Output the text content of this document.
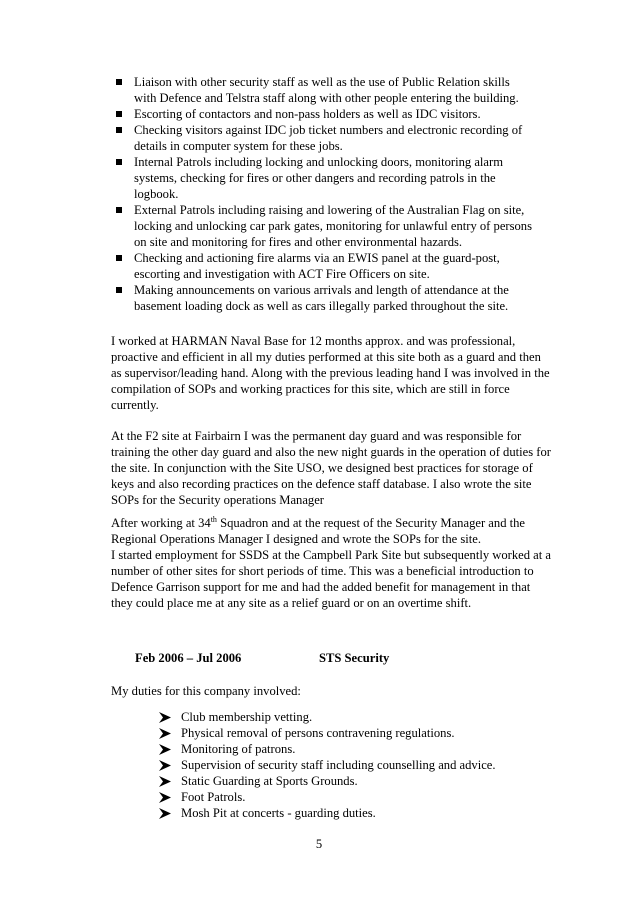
Liaison with other security staff as well as the use of Public Relation skills with Defence and Telstra staff along with other people entering the building.
Escorting of contactors and non-pass holders as well as IDC visitors.
Checking visitors against IDC job ticket numbers and electronic recording of details in computer system for these jobs.
Internal Patrols including locking and unlocking doors, monitoring alarm systems, checking for fires or other dangers and recording patrols in the logbook.
External Patrols including raising and lowering of the Australian Flag on site, locking and unlocking car park gates, monitoring for unlawful entry of persons on site and monitoring for fires and other environmental hazards.
Checking and actioning fire alarms via an EWIS panel at the guard-post, escorting and investigation with ACT Fire Officers on site.
Making announcements on various arrivals and length of attendance at the basement loading dock as well as cars illegally parked throughout the site.
I worked at HARMAN Naval Base for 12 months approx. and was professional, proactive and efficient in all my duties performed at this site both as a guard and then as supervisor/leading hand. Along with the previous leading hand I was involved in the compilation of SOPs and working practices for this site, which are still in force currently.
At the F2 site at Fairbairn I was the permanent day guard and was responsible for training the other day guard and also the new night guards in the operation of duties for the site. In conjunction with the Site USO, we designed best practices for storage of keys and also recording practices on the defence staff database. I also wrote the site SOPs for the Security operations Manager
After working at 34th Squadron and at the request of the Security Manager and the Regional Operations Manager I designed and wrote the SOPs for the site.
I started employment for SSDS at the Campbell Park Site but subsequently worked at a number of other sites for short periods of time. This was a beneficial introduction to Defence Garrison support for me and had the added benefit for management in that they could place me at any site as a relief guard or on an overtime shift.
Feb 2006 – Jul 2006	STS Security
My duties for this company involved:
Club membership vetting.
Physical removal of persons contravening regulations.
Monitoring of patrons.
Supervision of security staff including counselling and advice.
Static Guarding at Sports Grounds.
Foot Patrols.
Mosh Pit at concerts - guarding duties.
5
